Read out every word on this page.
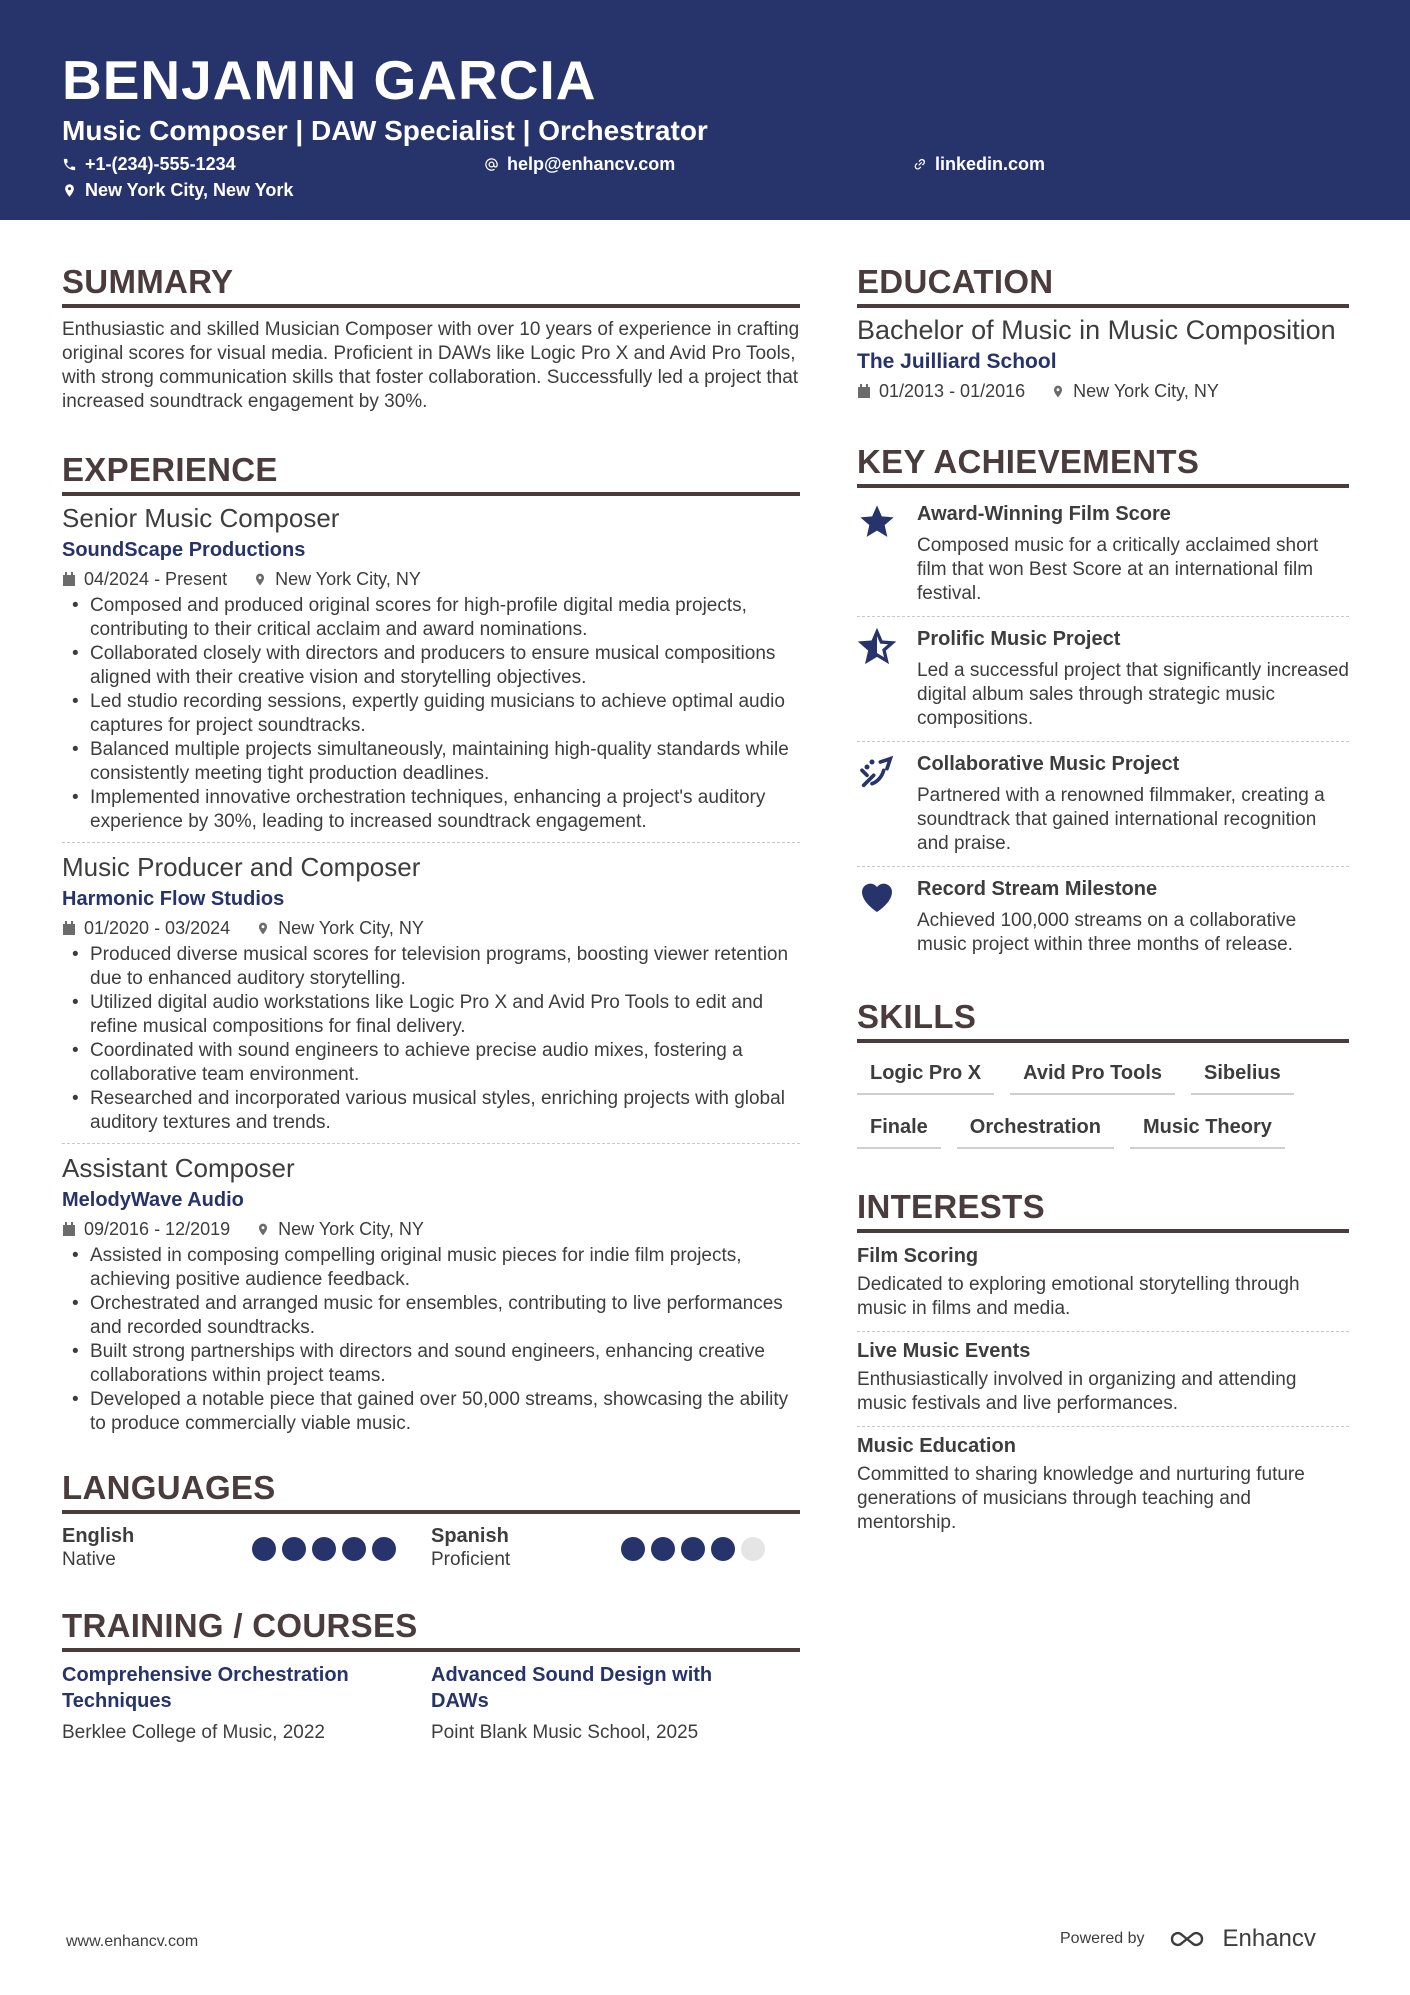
BENJAMIN GARCIA
Music Composer | DAW Specialist | Orchestrator
+1-(234)-555-1234	help@enhancv.com	linkedin.com
New York City, New York
SUMMARY
Enthusiastic and skilled Musician Composer with over 10 years of experience in crafting original scores for visual media. Proficient in DAWs like Logic Pro X and Avid Pro Tools, with strong communication skills that foster collaboration. Successfully led a project that increased soundtrack engagement by 30%.
EXPERIENCE
Senior Music Composer
SoundScape Productions
04/2024 - Present	New York City, NY
• Composed and produced original scores for high-profile digital media projects, contributing to their critical acclaim and award nominations.
• Collaborated closely with directors and producers to ensure musical compositions aligned with their creative vision and storytelling objectives.
• Led studio recording sessions, expertly guiding musicians to achieve optimal audio captures for project soundtracks.
• Balanced multiple projects simultaneously, maintaining high-quality standards while consistently meeting tight production deadlines.
• Implemented innovative orchestration techniques, enhancing a project's auditory experience by 30%, leading to increased soundtrack engagement.
Music Producer and Composer
Harmonic Flow Studios
01/2020 - 03/2024	New York City, NY
• Produced diverse musical scores for television programs, boosting viewer retention due to enhanced auditory storytelling.
• Utilized digital audio workstations like Logic Pro X and Avid Pro Tools to edit and refine musical compositions for final delivery.
• Coordinated with sound engineers to achieve precise audio mixes, fostering a collaborative team environment.
• Researched and incorporated various musical styles, enriching projects with global auditory textures and trends.
Assistant Composer
MelodyWave Audio
09/2016 - 12/2019	New York City, NY
• Assisted in composing compelling original music pieces for indie film projects, achieving positive audience feedback.
• Orchestrated and arranged music for ensembles, contributing to live performances and recorded soundtracks.
• Built strong partnerships with directors and sound engineers, enhancing creative collaborations within project teams.
• Developed a notable piece that gained over 50,000 streams, showcasing the ability to produce commercially viable music.
LANGUAGES
English
Native
Spanish
Proficient
TRAINING / COURSES
Comprehensive Orchestration Techniques
Berklee College of Music, 2022
Advanced Sound Design with DAWs
Point Blank Music School, 2025
EDUCATION
Bachelor of Music in Music Composition
The Juilliard School
01/2013 - 01/2016	New York City, NY
KEY ACHIEVEMENTS
Award-Winning Film Score
Composed music for a critically acclaimed short film that won Best Score at an international film festival.
Prolific Music Project
Led a successful project that significantly increased digital album sales through strategic music compositions.
Collaborative Music Project
Partnered with a renowned filmmaker, creating a soundtrack that gained international recognition and praise.
Record Stream Milestone
Achieved 100,000 streams on a collaborative music project within three months of release.
SKILLS
Logic Pro X	Avid Pro Tools	Sibelius
Finale	Orchestration	Music Theory
INTERESTS
Film Scoring
Dedicated to exploring emotional storytelling through music in films and media.
Live Music Events
Enthusiastically involved in organizing and attending music festivals and live performances.
Music Education
Committed to sharing knowledge and nurturing future generations of musicians through teaching and mentorship.
www.enhancv.com	Powered by	Enhancv
